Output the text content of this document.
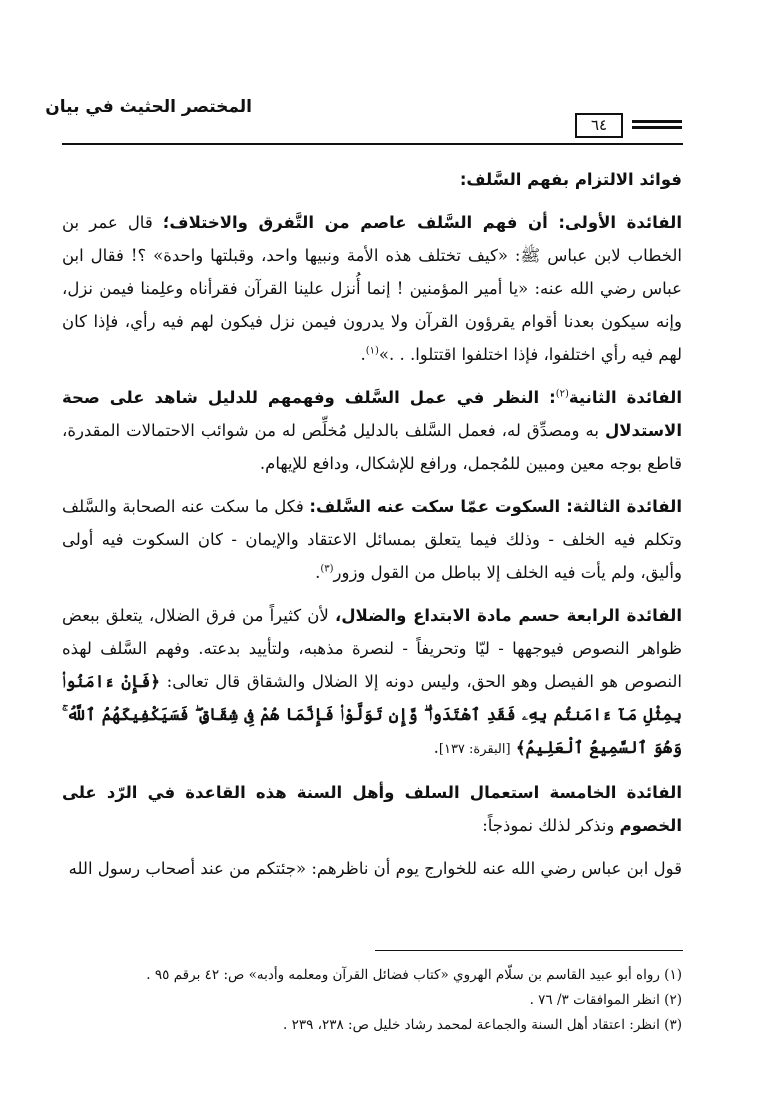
المختصر الحثيث في بيان
٦٤

فوائد الالتزام بفهم السَّلف:

الفائدة الأولى: أن فهم السَّلف عاصم من التَّفرق والاختلاف؛ قال عمر بن الخطاب لابن عباس ﷺ: «كيف تختلف هذه الأمة ونبيها واحد، وقبلتها واحدة» ؟! فقال ابن عباس رضي الله عنه: «يا أمير المؤمنين ! إنما أُنزل علينا القرآن فقرأناه وعلِمنا فيمن نزل، وإنه سيكون بعدنا أقوام يقرؤون القرآن ولا يدرون فيمن نزل فيكون لهم فيه رأي، فإذا كان لهم فيه رأي اختلفوا، فإذا اختلفوا اقتتلوا. . .»$^{(١)}$.

الفائدة الثانية$^{(٢)}$: النظر في عمل السَّلف وفهمهم للدليل شاهد على صحة الاستدلال به ومصدِّق له، فعمل السَّلف بالدليل مُخلِّص له من شوائب الاحتمالات المقدرة، قاطع بوجه معين ومبين للمُجمل، ورافع للإشكال، ودافع للإيهام.

الفائدة الثالثة: السكوت عمّا سكت عنه السَّلف: فكل ما سكت عنه الصحابة والسَّلف وتكلم فيه الخلف - وذلك فيما يتعلق بمسائل الاعتقاد والإيمان - كان السكوت فيه أولى وأليق، ولم يأت فيه الخلف إلا بباطل من القول وزور$^{(٣)}$.

الفائدة الرابعة حسم مادة الابتداع والضلال، لأن كثيراً من فرق الضلال، يتعلق ببعض ظواهر النصوص فيوجهها - ليّا وتحريفاً - لنصرة مذهبه، ولتأييد بدعته. وفهم السَّلف لهذه النصوص هو الفيصل وهو الحق، وليس دونه إلا الضلال والشقاق قال تعالى: ﴿فَإِنْ ءَامَنُوا۟ بِمِثْلِ مَآ ءَامَنتُم بِهِۦ فَقَدِ ٱهْتَدَوا۟ ۖ وَّإِن تَوَلَّوْا۟ فَإِنَّمَا هُمْ فِى شِقَاقٍ ۖ فَسَيَكْفِيكَهُمُ ٱللَّهُ ۚ وَهُوَ ٱلسَّمِيعُ ٱلْعَلِيمُ﴾ [البقرة: ١٣٧].

الفائدة الخامسة استعمال السلف وأهل السنة هذه القاعدة في الرّد على الخصوم ونذكر لذلك نموذجاً:

قول ابن عباس رضي الله عنه للخوارج يوم أن ناظرهم: «جئتكم من عند أصحاب رسول الله

(١) رواه أبو عبيد القاسم بن سلّام الهروي «كتاب فضائل القرآن ومعلمه وأدبه» ص: ٤٢ برقم ٩٥ .
(٢) انظر الموافقات ٣/ ٧٦ .
(٣) انظر: اعتقاد أهل السنة والجماعة لمحمد رشاد خليل ص: ٢٣٨، ٢٣٩ .
